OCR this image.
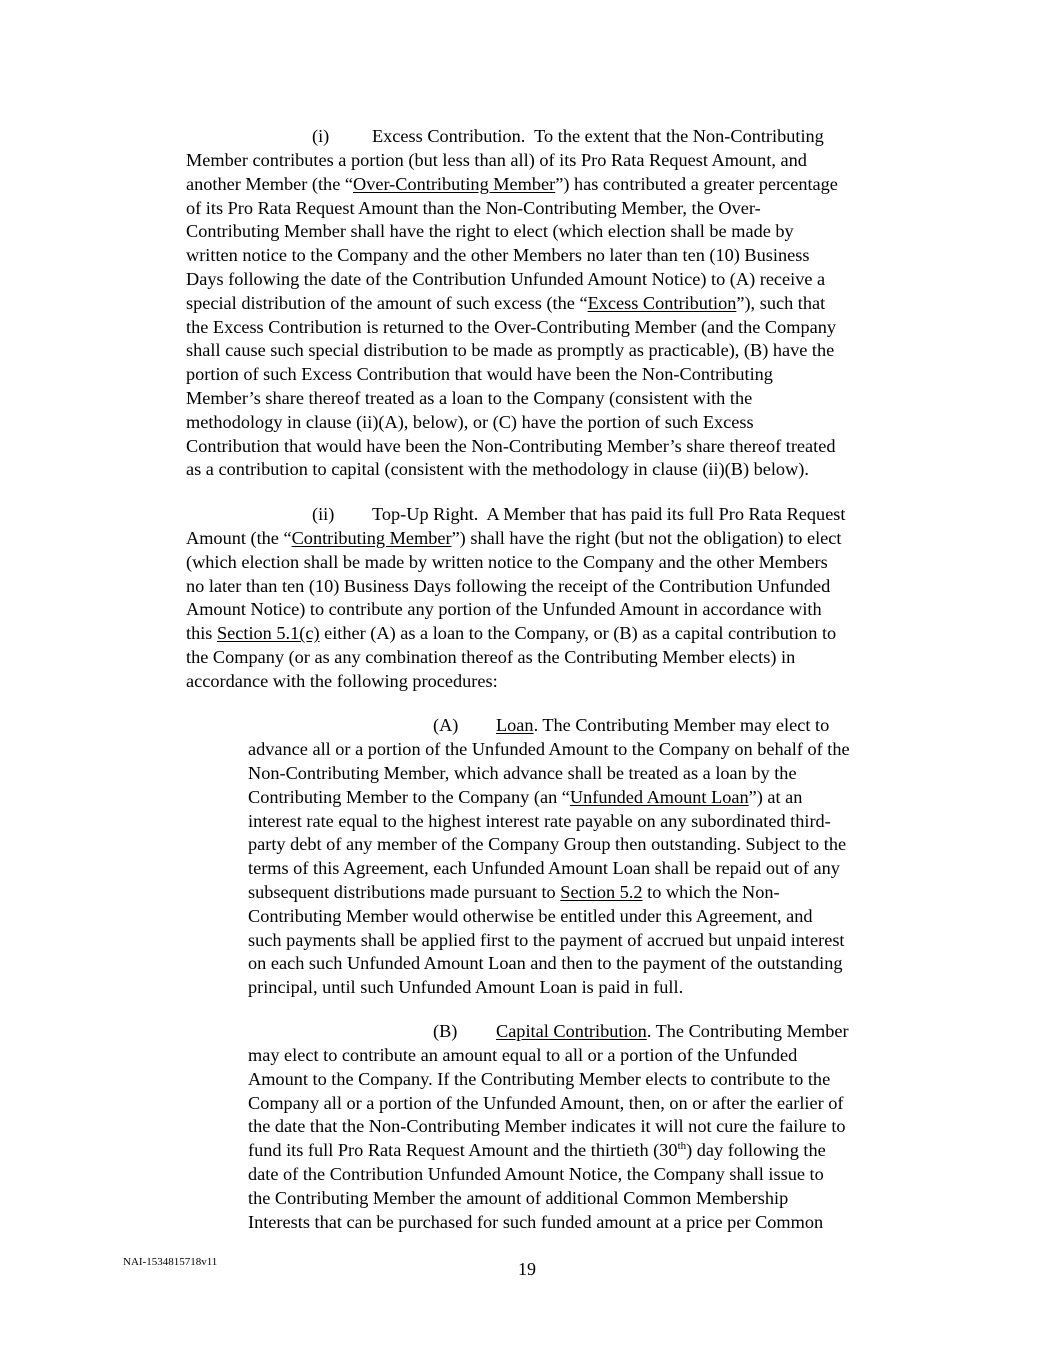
(i) Excess Contribution. To the extent that the Non-Contributing
Member contributes a portion (but less than all) of its Pro Rata Request Amount, and
another Member (the “Over-Contributing Member”) has contributed a greater percentage
of its Pro Rata Request Amount than the Non-Contributing Member, the Over-
Contributing Member shall have the right to elect (which election shall be made by
written notice to the Company and the other Members no later than ten (10) Business
Days following the date of the Contribution Unfunded Amount Notice) to (A) receive a
special distribution of the amount of such excess (the “Excess Contribution”), such that
the Excess Contribution is returned to the Over-Contributing Member (and the Company
shall cause such special distribution to be made as promptly as practicable), (B) have the
portion of such Excess Contribution that would have been the Non-Contributing
Member’s share thereof treated as a loan to the Company (consistent with the
methodology in clause (ii)(A), below), or (C) have the portion of such Excess
Contribution that would have been the Non-Contributing Member’s share thereof treated
as a contribution to capital (consistent with the methodology in clause (ii)(B) below).
(ii) Top-Up Right. A Member that has paid its full Pro Rata Request
Amount (the “Contributing Member”) shall have the right (but not the obligation) to elect
(which election shall be made by written notice to the Company and the other Members
no later than ten (10) Business Days following the receipt of the Contribution Unfunded
Amount Notice) to contribute any portion of the Unfunded Amount in accordance with
this Section 5.1(c) either (A) as a loan to the Company, or (B) as a capital contribution to
the Company (or as any combination thereof as the Contributing Member elects) in
accordance with the following procedures:
(A) Loan. The Contributing Member may elect to
advance all or a portion of the Unfunded Amount to the Company on behalf of the
Non-Contributing Member, which advance shall be treated as a loan by the
Contributing Member to the Company (an “Unfunded Amount Loan”) at an
interest rate equal to the highest interest rate payable on any subordinated third-
party debt of any member of the Company Group then outstanding. Subject to the
terms of this Agreement, each Unfunded Amount Loan shall be repaid out of any
subsequent distributions made pursuant to Section 5.2 to which the Non-
Contributing Member would otherwise be entitled under this Agreement, and
such payments shall be applied first to the payment of accrued but unpaid interest
on each such Unfunded Amount Loan and then to the payment of the outstanding
principal, until such Unfunded Amount Loan is paid in full.
(B) Capital Contribution. The Contributing Member
may elect to contribute an amount equal to all or a portion of the Unfunded
Amount to the Company. If the Contributing Member elects to contribute to the
Company all or a portion of the Unfunded Amount, then, on or after the earlier of
the date that the Non-Contributing Member indicates it will not cure the failure to
fund its full Pro Rata Request Amount and the thirtieth (30th) day following the
date of the Contribution Unfunded Amount Notice, the Company shall issue to
the Contributing Member the amount of additional Common Membership
Interests that can be purchased for such funded amount at a price per Common
NAI-1534815718v11	19
